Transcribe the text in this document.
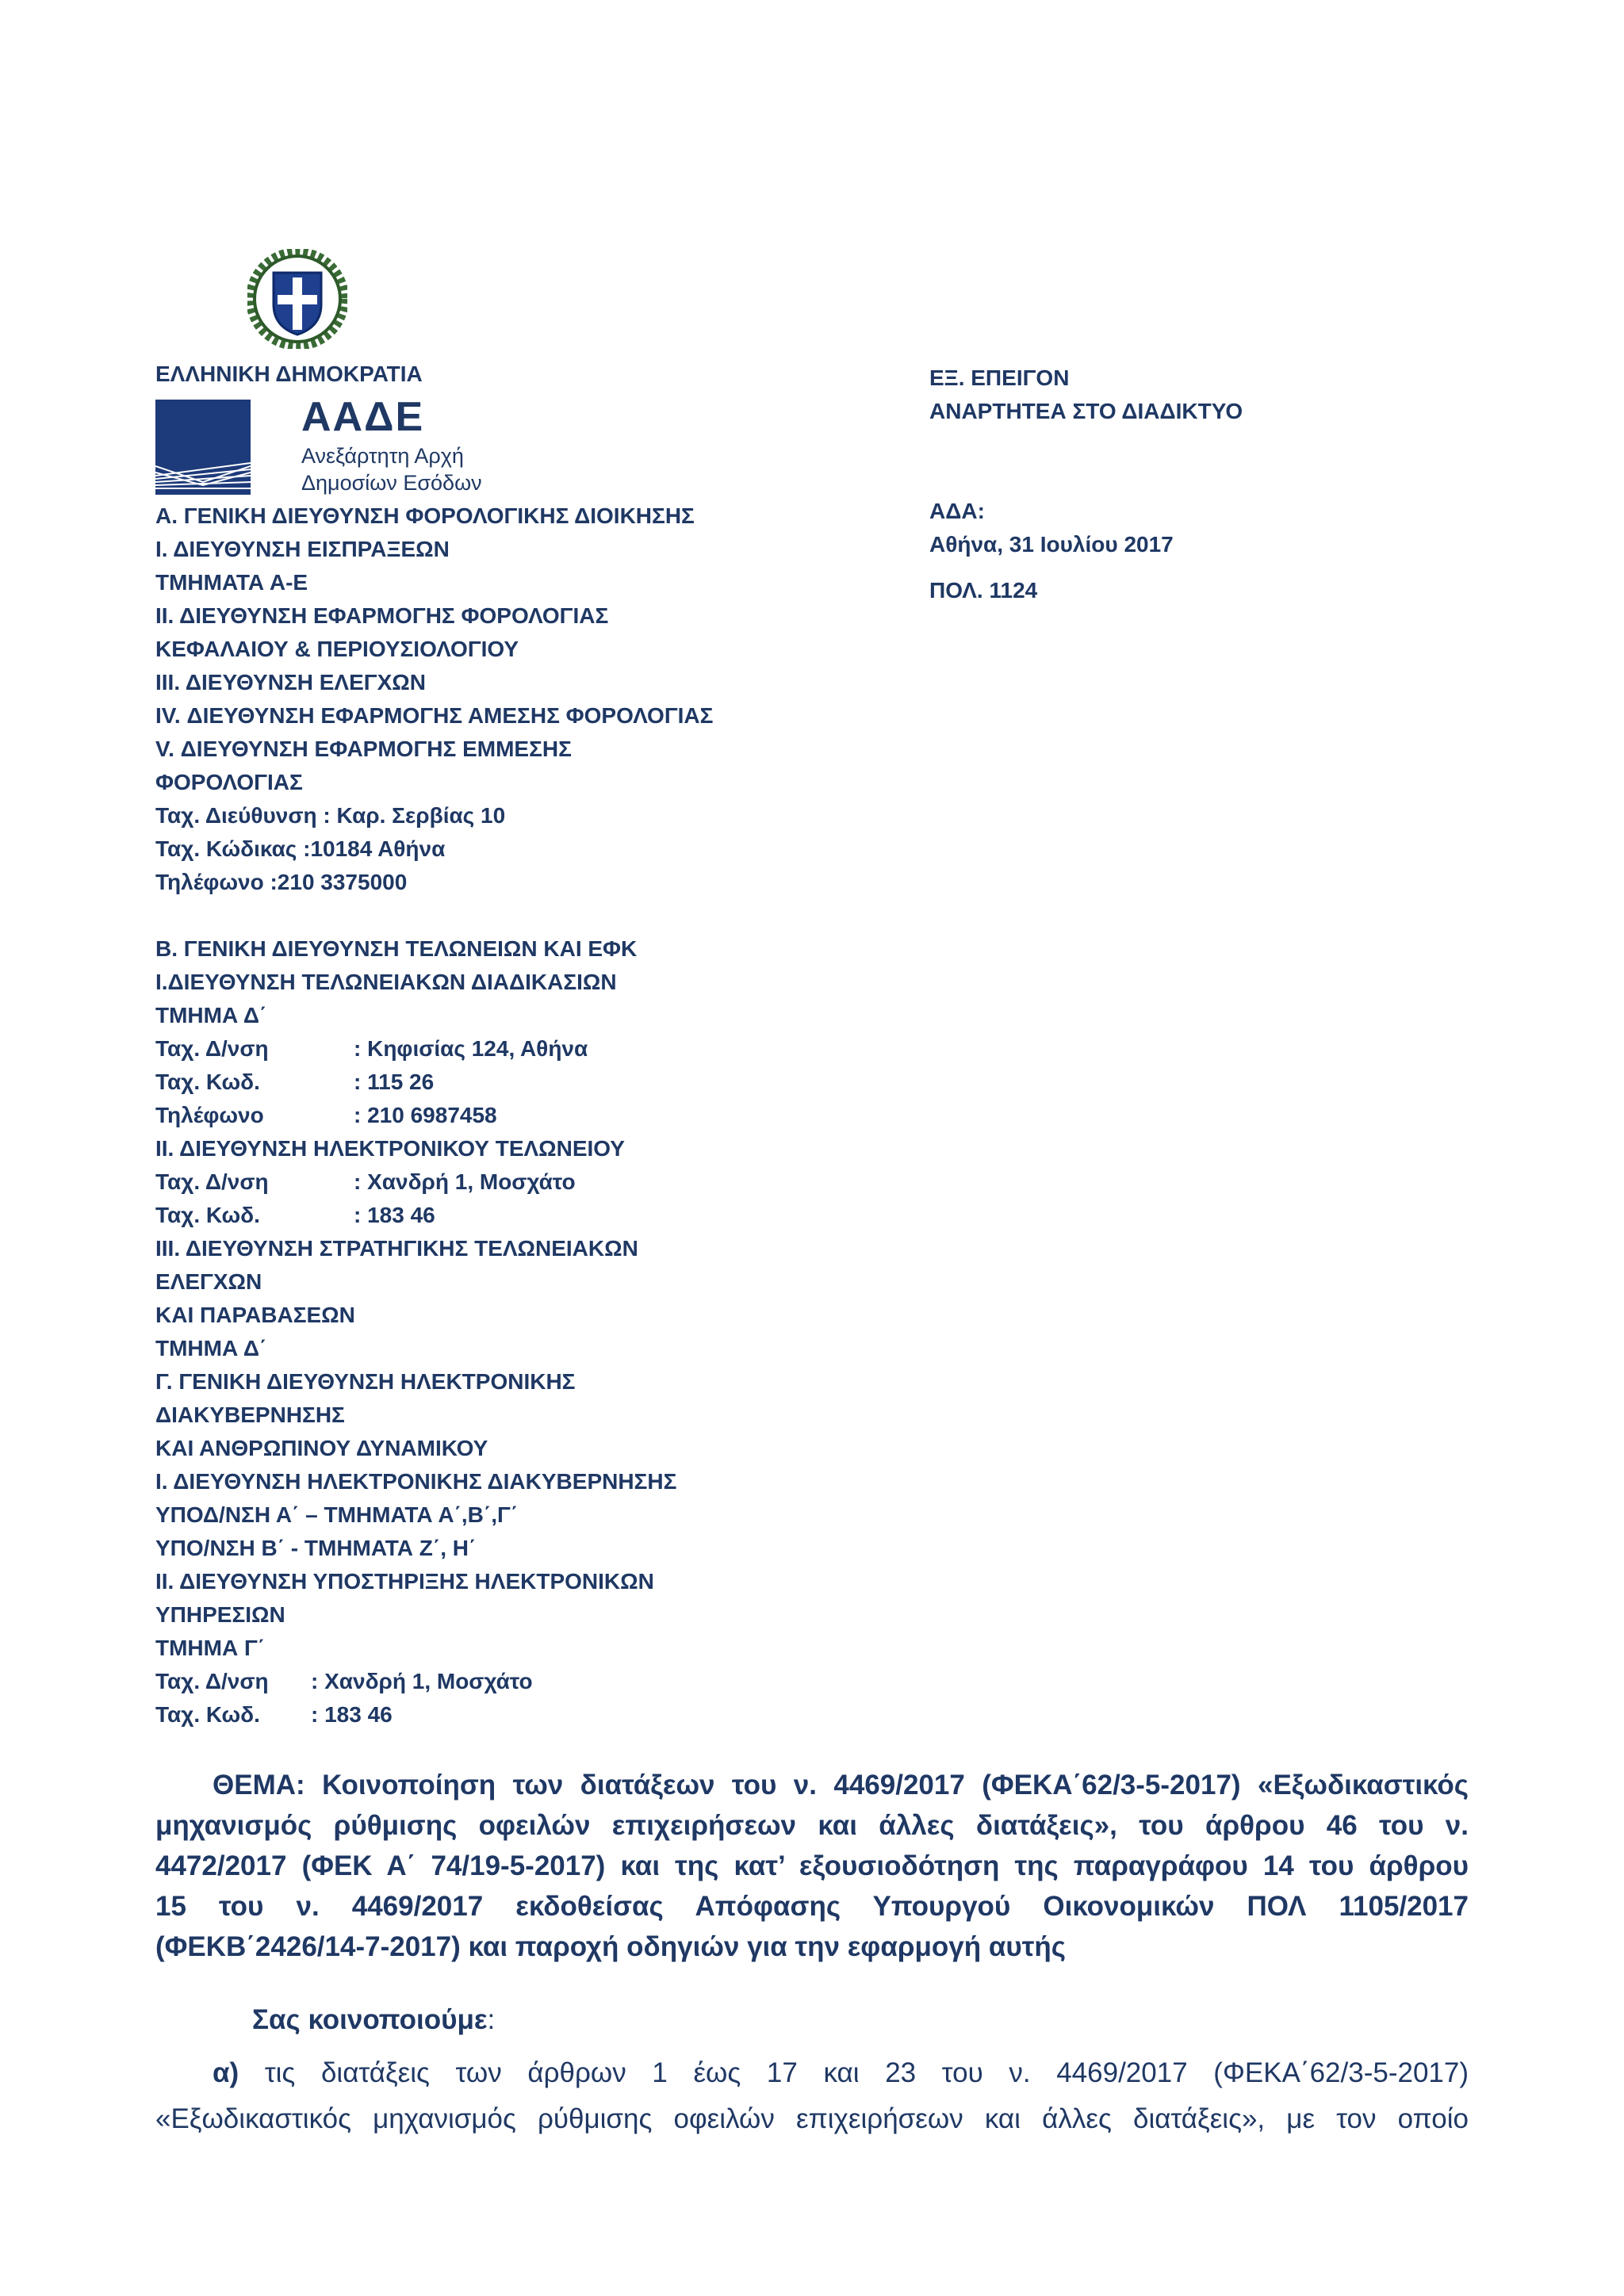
ΕΛΛΗΝΙΚΗ ΔΗΜΟΚΡΑΤΙΑ
ΑΑΔΕ
Ανεξάρτητη Αρχή
Δημοσίων Εσόδων
ΕΞ. ΕΠΕΙΓΟΝ
ΑΝΑΡΤΗΤΕΑ ΣΤΟ ΔΙΑΔΙΚΤΥΟ
ΑΔΑ:
Αθήνα, 31 Ιουλίου 2017
ΠΟΛ. 1124
Α. ΓΕΝΙΚΗ ΔΙΕΥΘΥΝΣΗ ΦΟΡΟΛΟΓΙΚΗΣ ΔΙΟΙΚΗΣΗΣ
Ι. ΔΙΕΥΘΥΝΣΗ ΕΙΣΠΡΑΞΕΩΝ
ΤΜΗΜΑΤΑ Α-Ε
ΙΙ. ΔΙΕΥΘΥΝΣΗ ΕΦΑΡΜΟΓΗΣ ΦΟΡΟΛΟΓΙΑΣ
ΚΕΦΑΛΑΙΟΥ & ΠΕΡΙΟΥΣΙΟΛΟΓΙΟΥ
ΙΙΙ. ΔΙΕΥΘΥΝΣΗ ΕΛΕΓΧΩΝ
ΙV. ΔΙΕΥΘΥΝΣΗ ΕΦΑΡΜΟΓΗΣ ΑΜΕΣΗΣ ΦΟΡΟΛΟΓΙΑΣ
V. ΔΙΕΥΘΥΝΣΗ ΕΦΑΡΜΟΓΗΣ ΕΜΜΕΣΗΣ
ΦΟΡΟΛΟΓΙΑΣ
Ταχ. Διεύθυνση : Καρ. Σερβίας 10
Ταχ. Κώδικας :10184 Αθήνα
Τηλέφωνο :210 3375000
Β. ΓΕΝΙΚΗ ΔΙΕΥΘΥΝΣΗ ΤΕΛΩΝΕΙΩΝ ΚΑΙ ΕΦΚ
Ι.ΔΙΕΥΘΥΝΣΗ ΤΕΛΩΝΕΙΑΚΩΝ ΔΙΑΔΙΚΑΣΙΩΝ
ΤΜΗΜΑ Δ΄
Ταχ. Δ/νση	: Κηφισίας 124, Αθήνα
Ταχ. Κωδ.	: 115 26
Τηλέφωνο	: 210 6987458
ΙΙ. ΔΙΕΥΘΥΝΣΗ ΗΛΕΚΤΡΟΝΙΚΟΥ ΤΕΛΩΝΕΙΟΥ
Ταχ. Δ/νση	: Χανδρή 1, Μοσχάτο
Ταχ. Κωδ.	: 183 46
ΙΙΙ. ΔΙΕΥΘΥΝΣΗ ΣΤΡΑΤΗΓΙΚΗΣ ΤΕΛΩΝΕΙΑΚΩΝ
ΕΛΕΓΧΩΝ
ΚΑΙ ΠΑΡΑΒΑΣΕΩΝ
ΤΜΗΜΑ Δ΄
Γ. ΓΕΝΙΚΗ ΔΙΕΥΘΥΝΣΗ ΗΛΕΚΤΡΟΝΙΚΗΣ
ΔΙΑΚΥΒΕΡΝΗΣΗΣ
ΚΑΙ ΑΝΘΡΩΠΙΝΟΥ ΔΥΝΑΜΙΚΟΥ
Ι. ΔΙΕΥΘΥΝΣΗ ΗΛΕΚΤΡΟΝΙΚΗΣ ΔΙΑΚΥΒΕΡΝΗΣΗΣ
ΥΠΟΔ/ΝΣΗ Α΄ – ΤΜΗΜΑΤΑ Α΄,Β΄,Γ΄
ΥΠΟ/ΝΣΗ Β΄ - ΤΜΗΜΑΤΑ Ζ΄, Η΄
ΙΙ. ΔΙΕΥΘΥΝΣΗ ΥΠΟΣΤΗΡΙΞΗΣ ΗΛΕΚΤΡΟΝΙΚΩΝ
ΥΠΗΡΕΣΙΩΝ
ΤΜΗΜΑ Γ΄
Ταχ. Δ/νση : Χανδρή 1, Μοσχάτο
Ταχ. Κωδ. : 183 46
ΘΕΜΑ: Κοινοποίηση των διατάξεων του ν. 4469/2017 (ΦΕΚΑ΄62/3-5-2017) «Εξωδικαστικός
μηχανισμός ρύθμισης οφειλών επιχειρήσεων και άλλες διατάξεις», του άρθρου 46 του ν.
4472/2017 (ΦΕΚ Α΄ 74/19-5-2017) και της κατ’ εξουσιοδότηση της παραγράφου 14 του άρθρου
15 του ν. 4469/2017 εκδοθείσας Απόφασης Υπουργού Οικονομικών ΠΟΛ 1105/2017
(ΦΕΚΒ΄2426/14-7-2017) και παροχή οδηγιών για την εφαρμογή αυτής
Σας κοινοποιούμε:
α) τις διατάξεις των άρθρων 1 έως 17 και 23 του ν. 4469/2017 (ΦΕΚΑ΄62/3-5-2017)
«Εξωδικαστικός μηχανισμός ρύθμισης οφειλών επιχειρήσεων και άλλες διατάξεις», με τον οποίο
